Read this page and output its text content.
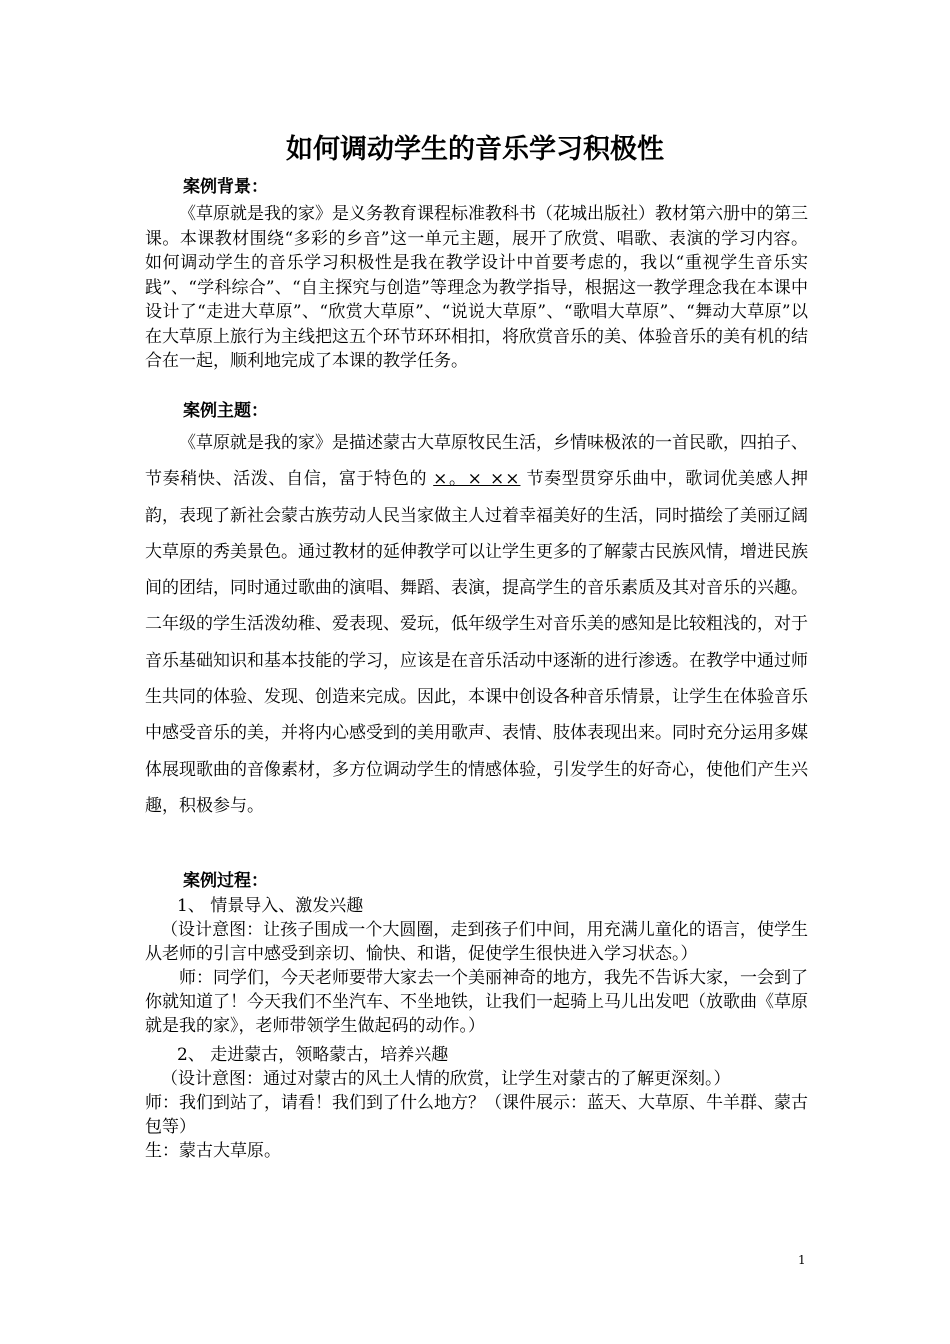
如何调动学生的音乐学习积极性
案例背景：

《草原就是我的家》是义务教育课程标准教科书（花城出版社）教材第六册中的第三课。本课教材围绕“多彩的乡音”这一单元主题，展开了欣赏、唱歌、表演的学习内容。如何调动学生的音乐学习积极性是我在教学设计中首要考虑的，我以“重视学生音乐实践”、“学科综合”、“自主探究与创造”等理念为教学指导，根据这一教学理念我在本课中设计了“走进大草原”、“欣赏大草原”、“说说大草原”、“歌唱大草原”、“舞动大草原”以在大草原上旅行为主线把这五个环节环环相扣，将欣赏音乐的美、体验音乐的美有机的结合在一起，顺利地完成了本课的教学任务。

案例主题：

《草原就是我的家》是描述蒙古大草原牧民生活，乡情味极浓的一首民歌，四拍子、节奏稍快、活泼、自信，富于特色的 ×。× ×× 节奏型贯穿乐曲中，歌词优美感人押韵，表现了新社会蒙古族劳动人民当家做主人过着幸福美好的生活，同时描绘了美丽辽阔大草原的秀美景色。通过教材的延伸教学可以让学生更多的了解蒙古民族风情，增进民族间的团结，同时通过歌曲的演唱、舞蹈、表演，提高学生的音乐素质及其对音乐的兴趣。二年级的学生活泼幼稚、爱表现、爱玩，低年级学生对音乐美的感知是比较粗浅的，对于音乐基础知识和基本技能的学习，应该是在音乐活动中逐渐的进行渗透。在教学中通过师生共同的体验、发现、创造来完成。因此，本课中创设各种音乐情景，让学生在体验音乐中感受音乐的美，并将内心感受到的美用歌声、表情、肢体表现出来。同时充分运用多媒体展现歌曲的音像素材，多方位调动学生的情感体验，引发学生的好奇心，使他们产生兴趣，积极参与。

案例过程：
1、 情景导入、激发兴趣

（设计意图：让孩子围成一个大圆圈，走到孩子们中间，用充满儿童化的语言，使学生从老师的引言中感受到亲切、愉快、和谐，促使学生很快进入学习状态。）

师：同学们，今天老师要带大家去一个美丽神奇的地方，我先不告诉大家，一会到了你就知道了！今天我们不坐汽车、不坐地铁，让我们一起骑上马儿出发吧（放歌曲《草原就是我的家》，老师带领学生做起码的动作。）

2、 走进蒙古，领略蒙古，培养兴趣

（设计意图：通过对蒙古的风土人情的欣赏，让学生对蒙古的了解更深刻。）

师：我们到站了，请看！我们到了什么地方？（课件展示：蓝天、大草原、牛羊群、蒙古包等）

生：蒙古大草原。

1
